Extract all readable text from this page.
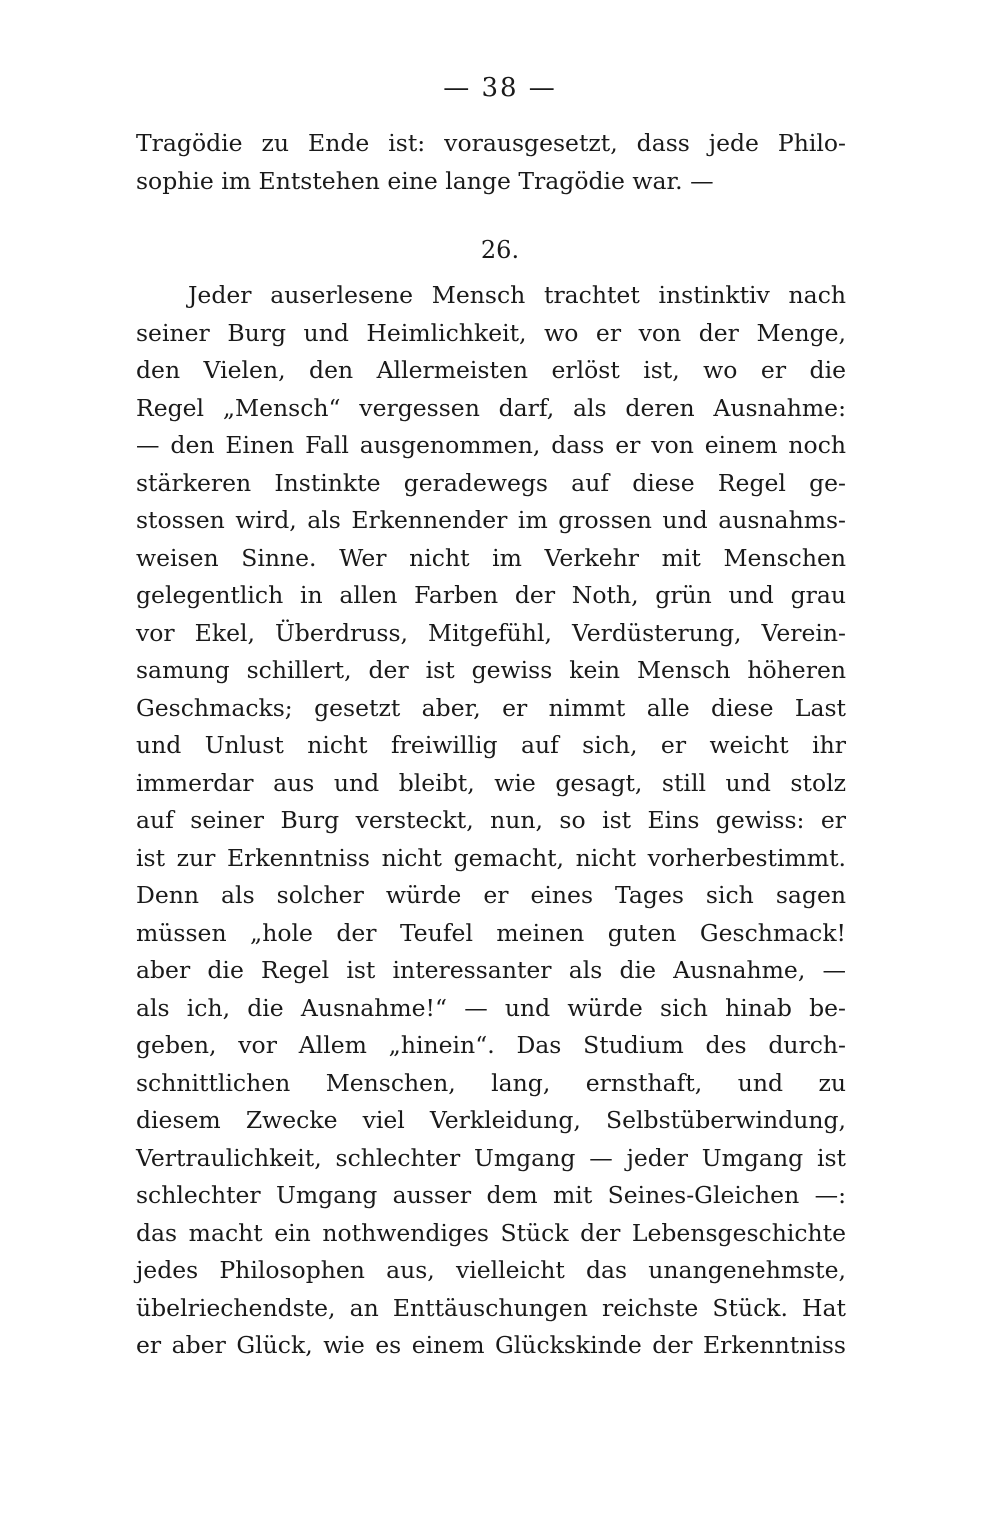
— 38 —
Tragödie zu Ende ist: vorausgesetzt, dass jede Philo-
sophie im Entstehen eine lange Tragödie war. —
26.
Jeder auserlesene Mensch trachtet instinktiv nach
seiner Burg und Heimlichkeit, wo er von der Menge,
den Vielen, den Allermeisten erlöst ist, wo er die
Regel „Mensch“ vergessen darf, als deren Ausnahme:
— den Einen Fall ausgenommen, dass er von einem noch
stärkeren Instinkte geradewegs auf diese Regel ge-
stossen wird, als Erkennender im grossen und ausnahms-
weisen Sinne. Wer nicht im Verkehr mit Menschen
gelegentlich in allen Farben der Noth, grün und grau
vor Ekel, Überdruss, Mitgefühl, Verdüsterung, Verein-
samung schillert, der ist gewiss kein Mensch höheren
Geschmacks; gesetzt aber, er nimmt alle diese Last
und Unlust nicht freiwillig auf sich, er weicht ihr
immerdar aus und bleibt, wie gesagt, still und stolz
auf seiner Burg versteckt, nun, so ist Eins gewiss: er
ist zur Erkenntniss nicht gemacht, nicht vorherbestimmt.
Denn als solcher würde er eines Tages sich sagen
müssen „hole der Teufel meinen guten Geschmack!
aber die Regel ist interessanter als die Ausnahme, —
als ich, die Ausnahme!“ — und würde sich hinab be-
geben, vor Allem „hinein“. Das Studium des durch-
schnittlichen Menschen, lang, ernsthaft, und zu
diesem Zwecke viel Verkleidung, Selbstüberwindung,
Vertraulichkeit, schlechter Umgang — jeder Umgang ist
schlechter Umgang ausser dem mit Seines-Gleichen —:
das macht ein nothwendiges Stück der Lebensgeschichte
jedes Philosophen aus, vielleicht das unangenehmste,
übelriechendste, an Enttäuschungen reichste Stück. Hat
er aber Glück, wie es einem Glückskinde der Erkenntniss
